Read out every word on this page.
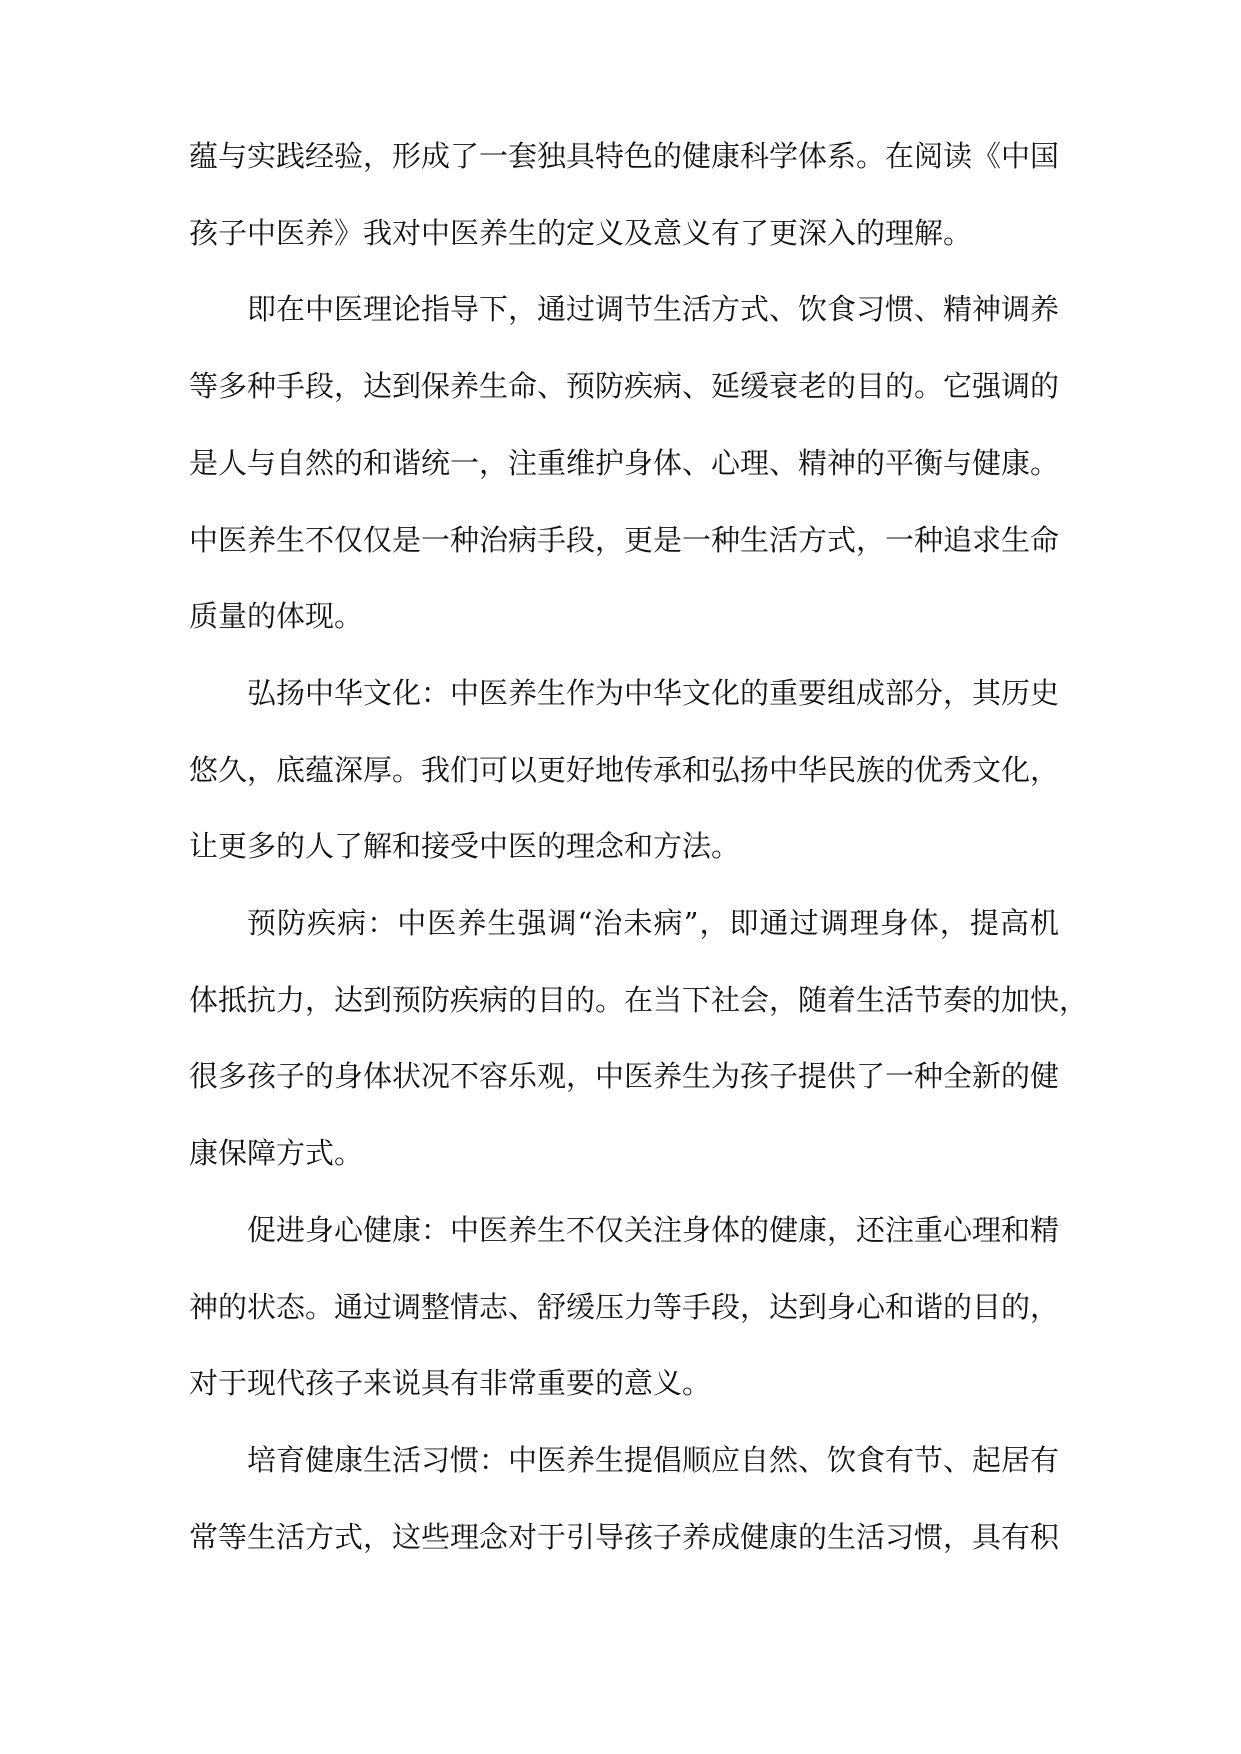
蕴与实践经验，形成了一套独具特色的健康科学体系。在阅读《中国
孩子中医养》我对中医养生的定义及意义有了更深入的理解。
即在中医理论指导下，通过调节生活方式、饮食习惯、精神调养
等多种手段，达到保养生命、预防疾病、延缓衰老的目的。它强调的
是人与自然的和谐统一，注重维护身体、心理、精神的平衡与健康。
中医养生不仅仅是一种治病手段，更是一种生活方式，一种追求生命
质量的体现。
弘扬中华文化：中医养生作为中华文化的重要组成部分，其历史
悠久，底蕴深厚。我们可以更好地传承和弘扬中华民族的优秀文化，
让更多的人了解和接受中医的理念和方法。
预防疾病：中医养生强调“治未病”，即通过调理身体，提高机
体抵抗力，达到预防疾病的目的。在当下社会，随着生活节奏的加快，
很多孩子的身体状况不容乐观，中医养生为孩子提供了一种全新的健
康保障方式。
促进身心健康：中医养生不仅关注身体的健康，还注重心理和精
神的状态。通过调整情志、舒缓压力等手段，达到身心和谐的目的，
对于现代孩子来说具有非常重要的意义。
培育健康生活习惯：中医养生提倡顺应自然、饮食有节、起居有
常等生活方式，这些理念对于引导孩子养成健康的生活习惯，具有积
